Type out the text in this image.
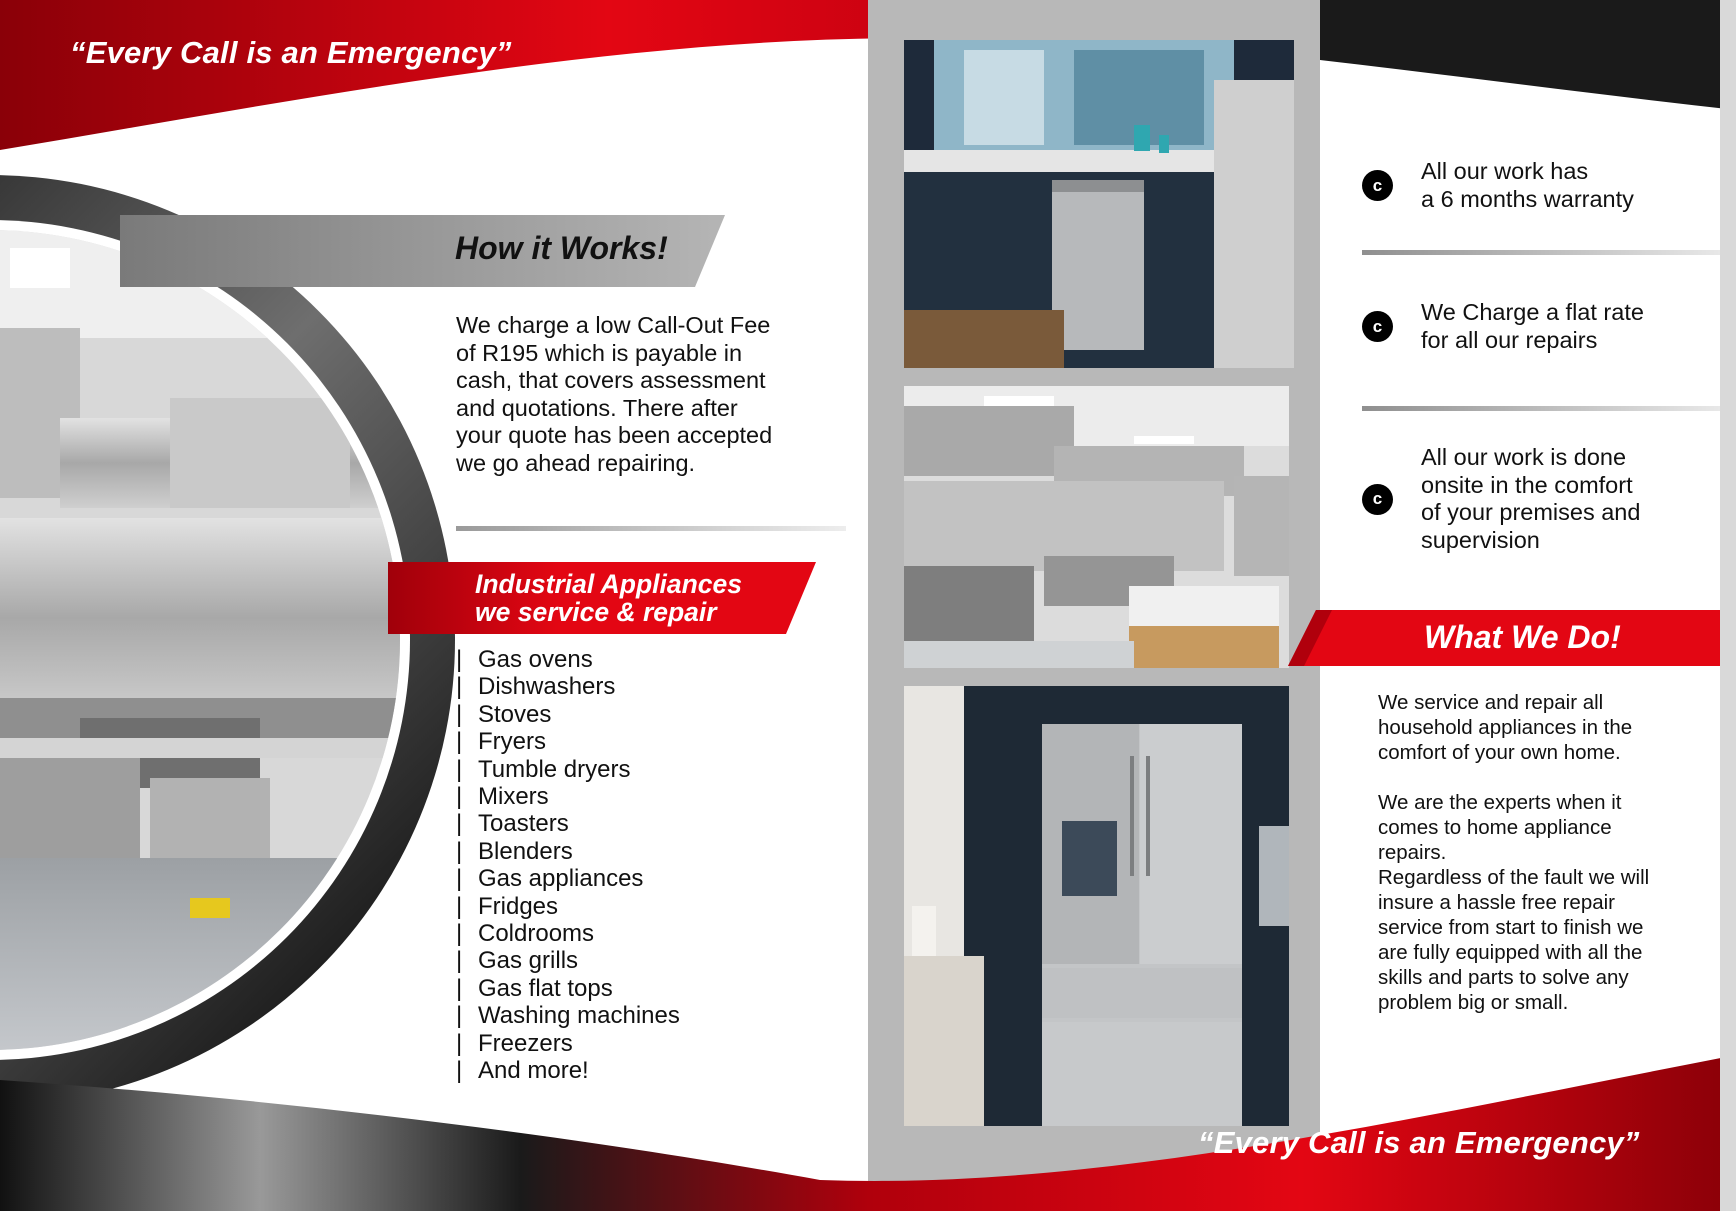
“Every Call is an Emergency”
How it Works!
We charge a low Call-Out Fee
of R195 which is payable in
cash, that covers assessment
and quotations. There after
your quote has been accepted
we go ahead repairing.
Industrial Appliances
we service & repair
| Gas ovens
| Dishwashers
| Stoves
| Fryers
| Tumble dryers
| Mixers
| Toasters
| Blenders
| Gas appliances
| Fridges
| Coldrooms
| Gas grills
| Gas flat tops
| Washing machines
| Freezers
| And more!
c
All our work has
a 6 months warranty
c
We Charge a flat rate
for all our repairs
c
All our work is done
onsite in the comfort
of your premises and
supervision
What We Do!
We service and repair all
household appliances in the
comfort of your own home.
We are the experts when it
comes to home appliance
repairs.
Regardless of the fault we will
insure a hassle free repair
service from start to finish we
are fully equipped with all the
skills and parts to solve any
problem big or small.
“Every Call is an Emergency”
